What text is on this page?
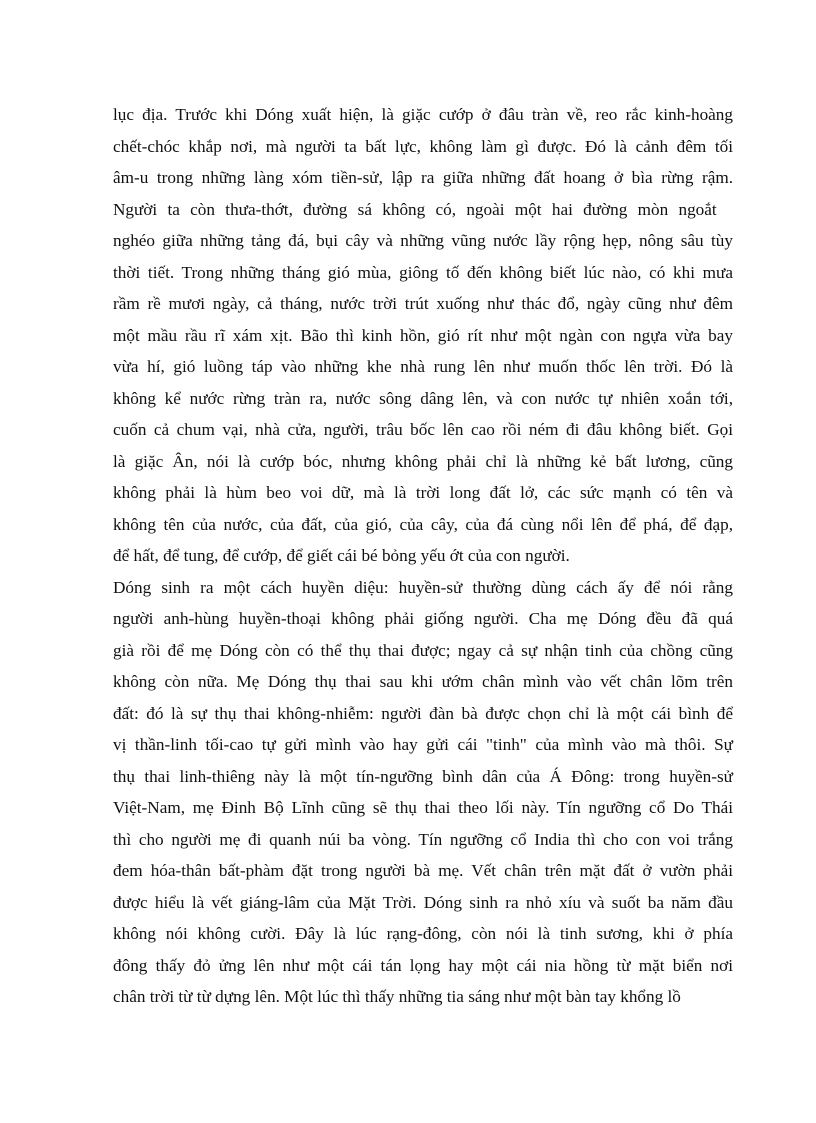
lục địa. Trước khi Dóng xuất hiện, là giặc cướp ở đâu tràn về, reo rắc kinh-hoàng
chết-chóc khắp nơi, mà người ta bất lực, không làm gì được. Đó là cảnh đêm tối
âm-u trong những làng xóm tiền-sử, lập ra giữa những đất hoang ở bìa rừng rậm.
Người ta còn thưa-thớt, đường sá không có, ngoài một hai đường mòn ngoắt
nghéo giữa những tảng đá, bụi cây và những vũng nước lầy rộng hẹp, nông sâu tùy
thời tiết. Trong những tháng gió mùa, giông tố đến không biết lúc nào, có khi mưa
rầm rề mươi ngày, cả tháng, nước trời trút xuống như thác đổ, ngày cũng như đêm
một mầu rầu rĩ xám xịt. Bão thì kinh hồn, gió rít như một ngàn con ngựa vừa bay
vừa hí, gió luồng táp vào những khe nhà rung lên như muốn thốc lên trời. Đó là
không kể nước rừng tràn ra, nước sông dâng lên, và con nước tự nhiên xoắn tới,
cuốn cả chum vại, nhà cửa, người, trâu bốc lên cao rồi ném đi đâu không biết. Gọi
là giặc Ân, nói là cướp bóc, nhưng không phải chỉ là những kẻ bất lương, cũng
không phải là hùm beo voi dữ, mà là trời long đất lở, các sức mạnh có tên và
không tên của nước, của đất, của gió, của cây, của đá cùng nổi lên để phá, để đạp,
để hất, để tung, để cướp, để giết cái bé bỏng yếu ớt của con người.
Dóng sinh ra một cách huyền diệu: huyền-sử thường dùng cách ấy để nói rằng
người anh-hùng huyền-thoại không phải giống người. Cha mẹ Dóng đều đã quá
già rồi để mẹ Dóng còn có thể thụ thai được; ngay cả sự nhận tinh của chồng cũng
không còn nữa. Mẹ Dóng thụ thai sau khi ướm chân mình vào vết chân lõm trên
đất: đó là sự thụ thai không-nhiễm: người đàn bà được chọn chỉ là một cái bình để
vị thần-linh tối-cao tự gửi mình vào hay gửi cái "tinh" của mình vào mà thôi. Sự
thụ thai linh-thiêng này là một tín-ngưỡng bình dân của Á Đông: trong huyền-sử
Việt-Nam, mẹ Đinh Bộ Lĩnh cũng sẽ thụ thai theo lối này. Tín ngưỡng cổ Do Thái
thì cho người mẹ đi quanh núi ba vòng. Tín ngưỡng cổ India thì cho con voi trắng
đem hóa-thân bất-phàm đặt trong người bà mẹ. Vết chân trên mặt đất ở vườn phải
được hiểu là vết giáng-lâm của Mặt Trời. Dóng sinh ra nhỏ xíu và suốt ba năm đầu
không nói không cười. Đây là lúc rạng-đông, còn nói là tinh sương, khi ở phía
đông thấy đỏ ửng lên như một cái tán lọng hay một cái nia hồng từ mặt biển nơi
chân trời từ từ dựng lên. Một lúc thì thấy những tia sáng như một bàn tay khổng lồ
